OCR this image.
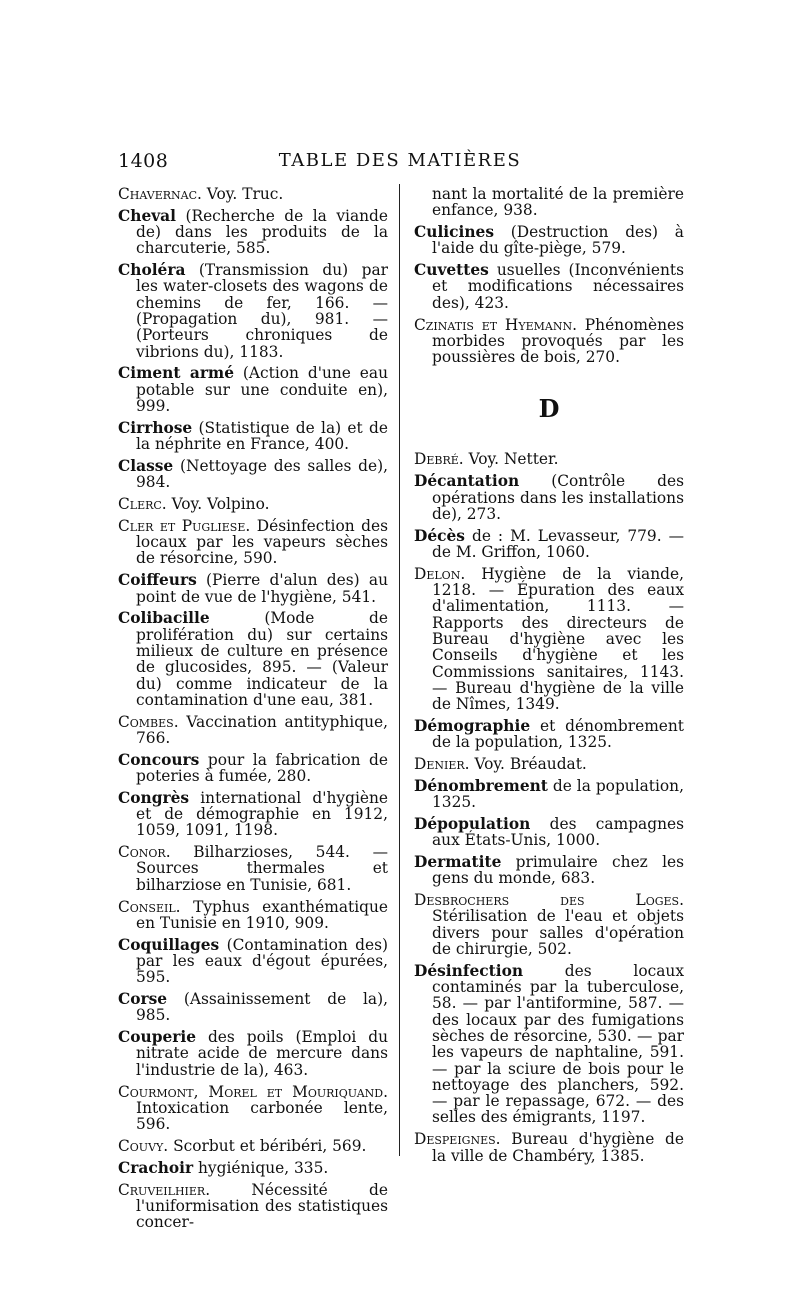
1408	TABLE DES MATIÈRES

Chavernac. Voy. Truc.

Cheval (Recherche de la viande de) dans les produits de la charcuterie, 585.

Choléra (Transmission du) par les water-closets des wagons de chemins de fer, 166. — (Propagation du), 981. — (Porteurs chroniques de vibrions du), 1183.

Ciment armé (Action d'une eau potable sur une conduite en), 999.

Cirrhose (Statistique de la) et de la néphrite en France, 400.

Classe (Nettoyage des salles de), 984.

Clerc. Voy. Volpino.

Cler et Pugliese. Désinfection des locaux par les vapeurs sèches de résorcine, 590.

Coiffeurs (Pierre d'alun des) au point de vue de l'hygiène, 541.

Colibacille (Mode de prolifération du) sur certains milieux de culture en présence de glucosides, 895. — (Valeur du) comme indicateur de la contamination d'une eau, 381.

Combes. Vaccination antityphique, 766.

Concours pour la fabrication de poteries à fumée, 280.

Congrès international d'hygiène et de démographie en 1912, 1059, 1091, 1198.

Conor. Bilharzioses, 544. — Sources thermales et bilharziose en Tunisie, 681.

Conseil. Typhus exanthématique en Tunisie en 1910, 909.

Coquillages (Contamination des) par les eaux d'égout épurées, 595.

Corse (Assainissement de la), 985.

Couperie des poils (Emploi du nitrate acide de mercure dans l'industrie de la), 463.

Courmont, Morel et Mouriquand. Intoxication carbonée lente, 596.

Couvy. Scorbut et béribéri, 569.

Crachoir hygiénique, 335.

Cruveilhier. Nécessité de l'uniformisation des statistiques concer-

nant la mortalité de la première enfance, 938.

Culicines (Destruction des) à l'aide du gîte-piège, 579.

Cuvettes usuelles (Inconvénients et modifications nécessaires des), 423.

Czinatis et Hyemann. Phénomènes morbides provoqués par les poussières de bois, 270.

D

Debré. Voy. Netter.

Décantation (Contrôle des opérations dans les installations de), 273.

Décès de : M. Levasseur, 779. — de M. Griffon, 1060.

Delon. Hygiène de la viande, 1218. — Épuration des eaux d'alimentation, 1113. — Rapports des directeurs de Bureau d'hygiène avec les Conseils d'hygiène et les Commissions sanitaires, 1143. — Bureau d'hygiène de la ville de Nîmes, 1349.

Démographie et dénombrement de la population, 1325.

Denier. Voy. Bréaudat.

Dénombrement de la population, 1325.

Dépopulation des campagnes aux États-Unis, 1000.

Dermatite primulaire chez les gens du monde, 683.

Desbrochers des Loges. Stérilisation de l'eau et objets divers pour salles d'opération de chirurgie, 502.

Désinfection des locaux contaminés par la tuberculose, 58. — par l'antiformine, 587. — des locaux par des fumigations sèches de résorcine, 530. — par les vapeurs de naphtaline, 591. — par la sciure de bois pour le nettoyage des planchers, 592. — par le repassage, 672. — des selles des émigrants, 1197.

Despeignes. Bureau d'hygiène de la ville de Chambéry, 1385.
